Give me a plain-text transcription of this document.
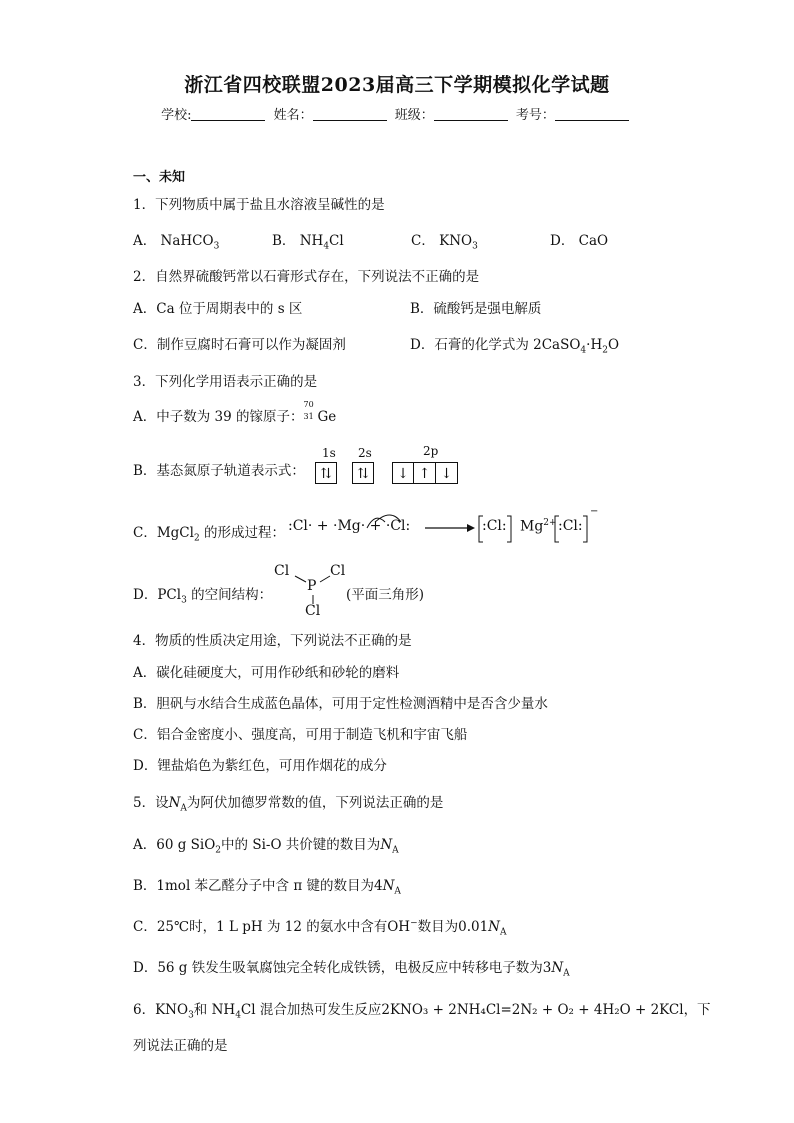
浙江省四校联盟2023届高三下学期模拟化学试题
学校:	姓名：	班级：	考号：
一、未知
1．下列物质中属于盐且水溶液呈碱性的是
A． NaHCO$_3$	B． $NH_4Cl$	C． $KNO_3$	D． CaO
2．自然界硫酸钙常以石膏形式存在，下列说法不正确的是
A．Ca 位于周期表中的 s 区	B．硫酸钙是强电解质
C．制作豆腐时石膏可以作为凝固剂	D．石膏的化学式为 $2CaSO_4\cdot H_2O$
3．下列化学用语表示正确的是
A．中子数为 39 的镓原子：
70
31 Ge
B．基态氮原子轨道表示式：
1s 2s	2p
⇅	⇅	↓ ↑ ↓
C．MgCl$_2$ 的形成过程： :Cl· + ·Mg· + ·Cl:	:Cl: $Mg^{2+}$ :Cl:
−
D．PCl$_3$ 的空间结构：
Cl	Cl
P
Cl
(平面三角形)
4．物质的性质决定用途，下列说法不正确的是
A．碳化硅硬度大，可用作砂纸和砂轮的磨料
B．胆矾与水结合生成蓝色晶体，可用于定性检测酒精中是否含少量水
C．铝合金密度小、强度高，可用于制造飞机和宇宙飞船
D．锂盐焰色为紫红色，可用作烟花的成分
5．设$N_A$为阿伏加德罗常数的值，下列说法正确的是
A．60 g SiO$_2$中的 Si-O 共价键的数目为$N_A$
B．1mol 苯乙醛分子中含 π 键的数目为$4N_A$
C．25℃时，1 L pH 为 12 的氨水中含有OH−数目为$0.01N_A$
D．56 g 铁发生吸氧腐蚀完全转化成铁锈，电极反应中转移电子数为$3N_A$
6．$KNO_3$和 $NH_4Cl$ 混合加热可发生反应2KNO₃ + 2NH₄Cl=2N₂ + O₂ + 4H₂O + 2KCl，下
列说法正确的是
